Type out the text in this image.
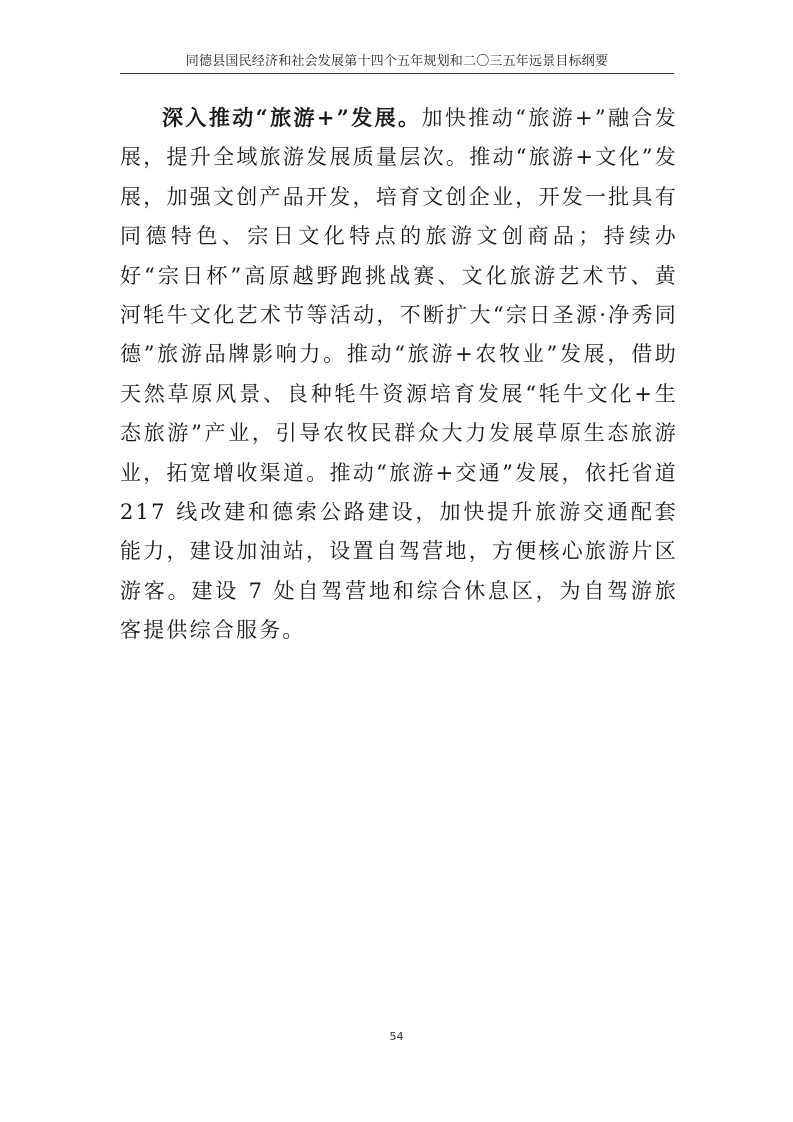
同德县国民经济和社会发展第十四个五年规划和二〇三五年远景目标纲要

深入推动“旅游+”发展。加快推动“旅游+”融合发展，提升全域旅游发展质量层次。推动“旅游+文化”发展，加强文创产品开发，培育文创企业，开发一批具有同德特色、宗日文化特点的旅游文创商品；持续办好“宗日杯”高原越野跑挑战赛、文化旅游艺术节、黄河牦牛文化艺术节等活动，不断扩大“宗日圣源·净秀同德”旅游品牌影响力。推动“旅游+农牧业”发展，借助天然草原风景、良种牦牛资源培育发展“牦牛文化+生态旅游”产业，引导农牧民群众大力发展草原生态旅游业，拓宽增收渠道。推动“旅游+交通”发展，依托省道 217 线改建和德索公路建设，加快提升旅游交通配套能力，建设加油站，设置自驾营地，方便核心旅游片区游客。建设 7 处自驾营地和综合休息区，为自驾游旅客提供综合服务。

54
